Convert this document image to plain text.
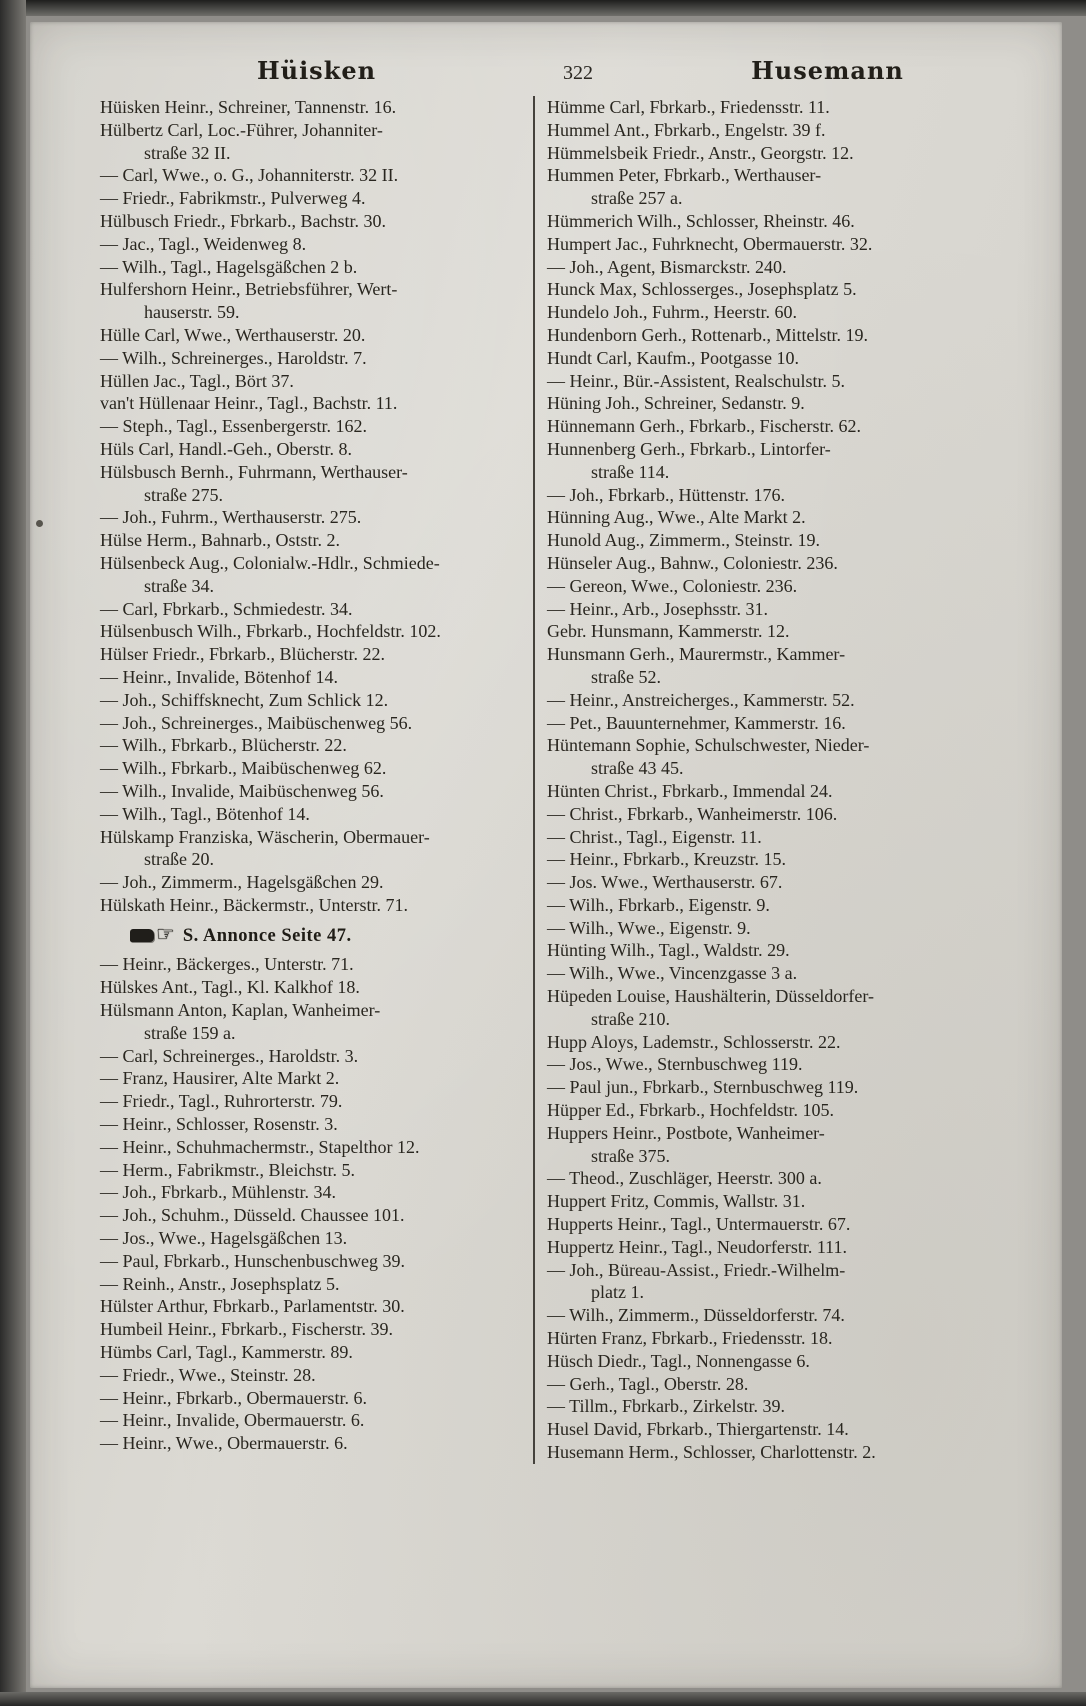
Hüisken	322	Husemann
Hüisken Heinr., Schreiner, Tannenstr. 16.
Hülbertz Carl, Loc.-Führer, Johanniter-
straße 32 II.
— Carl, Wwe., o. G., Johanniterstr. 32 II.
— Friedr., Fabrikmstr., Pulverweg 4.
Hülbusch Friedr., Fbrkarb., Bachstr. 30.
— Jac., Tagl., Weidenweg 8.
— Wilh., Tagl., Hagelsgäßchen 2 b.
Hulfershorn Heinr., Betriebsführer, Wert-
hauserstr. 59.
Hülle Carl, Wwe., Werthauserstr. 20.
— Wilh., Schreinerges., Haroldstr. 7.
Hüllen Jac., Tagl., Bört 37.
van't Hüllenaar Heinr., Tagl., Bachstr. 11.
— Steph., Tagl., Essenbergerstr. 162.
Hüls Carl, Handl.-Geh., Oberstr. 8.
Hülsbusch Bernh., Fuhrmann, Werthauser-
straße 275.
— Joh., Fuhrm., Werthauserstr. 275.
Hülse Herm., Bahnarb., Oststr. 2.
Hülsenbeck Aug., Colonialw.-Hdlr., Schmiede-
straße 34.
— Carl, Fbrkarb., Schmiedestr. 34.
Hülsenbusch Wilh., Fbrkarb., Hochfeldstr. 102.
Hülser Friedr., Fbrkarb., Blücherstr. 22.
— Heinr., Invalide, Bötenhof 14.
— Joh., Schiffsknecht, Zum Schlick 12.
— Joh., Schreinerges., Maibüschenweg 56.
— Wilh., Fbrkarb., Blücherstr. 22.
— Wilh., Fbrkarb., Maibüschenweg 62.
— Wilh., Invalide, Maibüschenweg 56.
— Wilh., Tagl., Bötenhof 14.
Hülskamp Franziska, Wäscherin, Obermauer-
straße 20.
— Joh., Zimmerm., Hagelsgäßchen 29.
Hülskath Heinr., Bäckermstr., Unterstr. 71.
☞ S. Annonce Seite 47.
— Heinr., Bäckerges., Unterstr. 71.
Hülskes Ant., Tagl., Kl. Kalkhof 18.
Hülsmann Anton, Kaplan, Wanheimer-
straße 159 a.
— Carl, Schreinerges., Haroldstr. 3.
— Franz, Hausirer, Alte Markt 2.
— Friedr., Tagl., Ruhrorterstr. 79.
— Heinr., Schlosser, Rosenstr. 3.
— Heinr., Schuhmachermstr., Stapelthor 12.
— Herm., Fabrikmstr., Bleichstr. 5.
— Joh., Fbrkarb., Mühlenstr. 34.
— Joh., Schuhm., Düsseld. Chaussee 101.
— Jos., Wwe., Hagelsgäßchen 13.
— Paul, Fbrkarb., Hunschenbuschweg 39.
— Reinh., Anstr., Josephsplatz 5.
Hülster Arthur, Fbrkarb., Parlamentstr. 30.
Humbeil Heinr., Fbrkarb., Fischerstr. 39.
Hümbs Carl, Tagl., Kammerstr. 89.
— Friedr., Wwe., Steinstr. 28.
— Heinr., Fbrkarb., Obermauerstr. 6.
— Heinr., Invalide, Obermauerstr. 6.
— Heinr., Wwe., Obermauerstr. 6.
Hümme Carl, Fbrkarb., Friedensstr. 11.
Hummel Ant., Fbrkarb., Engelstr. 39 f.
Hümmelsbeik Friedr., Anstr., Georgstr. 12.
Hummen Peter, Fbrkarb., Werthauser-
straße 257 a.
Hümmerich Wilh., Schlosser, Rheinstr. 46.
Humpert Jac., Fuhrknecht, Obermauerstr. 32.
— Joh., Agent, Bismarckstr. 240.
Hunck Max, Schlosserges., Josephsplatz 5.
Hundelo Joh., Fuhrm., Heerstr. 60.
Hundenborn Gerh., Rottenarb., Mittelstr. 19.
Hundt Carl, Kaufm., Pootgasse 10.
— Heinr., Bür.-Assistent, Realschulstr. 5.
Hüning Joh., Schreiner, Sedanstr. 9.
Hünnemann Gerh., Fbrkarb., Fischerstr. 62.
Hunnenberg Gerh., Fbrkarb., Lintorfer-
straße 114.
— Joh., Fbrkarb., Hüttenstr. 176.
Hünning Aug., Wwe., Alte Markt 2.
Hunold Aug., Zimmerm., Steinstr. 19.
Hünseler Aug., Bahnw., Coloniestr. 236.
— Gereon, Wwe., Coloniestr. 236.
— Heinr., Arb., Josephsstr. 31.
Gebr. Hunsmann, Kammerstr. 12.
Hunsmann Gerh., Maurermstr., Kammer-
straße 52.
— Heinr., Anstreicherges., Kammerstr. 52.
— Pet., Bauunternehmer, Kammerstr. 16.
Hüntemann Sophie, Schulschwester, Nieder-
straße 43 45.
Hünten Christ., Fbrkarb., Immendal 24.
— Christ., Fbrkarb., Wanheimerstr. 106.
— Christ., Tagl., Eigenstr. 11.
— Heinr., Fbrkarb., Kreuzstr. 15.
— Jos. Wwe., Werthauserstr. 67.
— Wilh., Fbrkarb., Eigenstr. 9.
— Wilh., Wwe., Eigenstr. 9.
Hünting Wilh., Tagl., Waldstr. 29.
— Wilh., Wwe., Vincenzgasse 3 a.
Hüpeden Louise, Haushälterin, Düsseldorfer-
straße 210.
Hupp Aloys, Lademstr., Schlosserstr. 22.
— Jos., Wwe., Sternbuschweg 119.
— Paul jun., Fbrkarb., Sternbuschweg 119.
Hüpper Ed., Fbrkarb., Hochfeldstr. 105.
Huppers Heinr., Postbote, Wanheimer-
straße 375.
— Theod., Zuschläger, Heerstr. 300 a.
Huppert Fritz, Commis, Wallstr. 31.
Hupperts Heinr., Tagl., Untermauerstr. 67.
Huppertz Heinr., Tagl., Neudorferstr. 111.
— Joh., Büreau-Assist., Friedr.-Wilhelm-
platz 1.
— Wilh., Zimmerm., Düsseldorferstr. 74.
Hürten Franz, Fbrkarb., Friedensstr. 18.
Hüsch Diedr., Tagl., Nonnengasse 6.
— Gerh., Tagl., Oberstr. 28.
— Tillm., Fbrkarb., Zirkelstr. 39.
Husel David, Fbrkarb., Thiergartenstr. 14.
Husemann Herm., Schlosser, Charlottenstr. 2.
